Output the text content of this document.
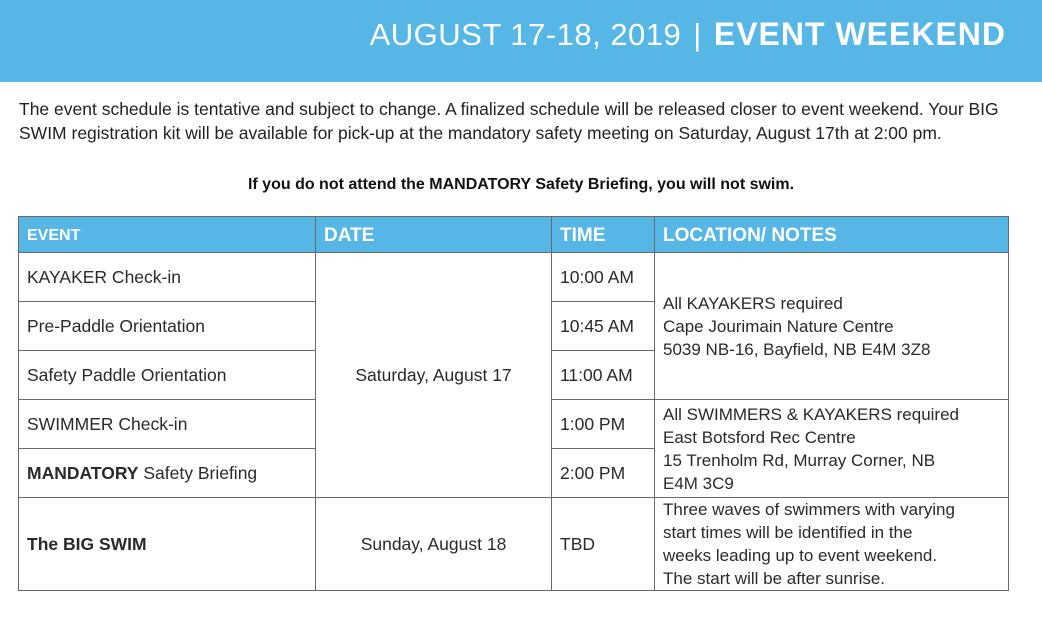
AUGUST 17-18, 2019 | EVENT WEEKEND
The event schedule is tentative and subject to change. A finalized schedule will be released closer to event weekend. Your BIG SWIM registration kit will be available for pick-up at the mandatory safety meeting on Saturday, August 17th at 2:00 pm.
If you do not attend the MANDATORY Safety Briefing, you will not swim.
EVENT	DATE	TIME	LOCATION/ NOTES
KAYAKER Check-in	Saturday, August 17	10:00 AM	All KAYAKERS required
Cape Jourimain Nature Centre
5039 NB-16, Bayfield, NB E4M 3Z8

Pre-Paddle Orientation		10:45 AM	
Safety Paddle Orientation		11:00 AM	
SWIMMER Check-in		1:00 PM	All SWIMMERS & KAYAKERS required
East Botsford Rec Centre
15 Trenholm Rd, Murray Corner, NB
E4M 3C9

MANDATORY Safety Briefing		2:00 PM	
The BIG SWIM	Sunday, August 18	TBD	Three waves of swimmers with varying
start times will be identified in the
weeks leading up to event weekend.
The start will be after sunrise.
